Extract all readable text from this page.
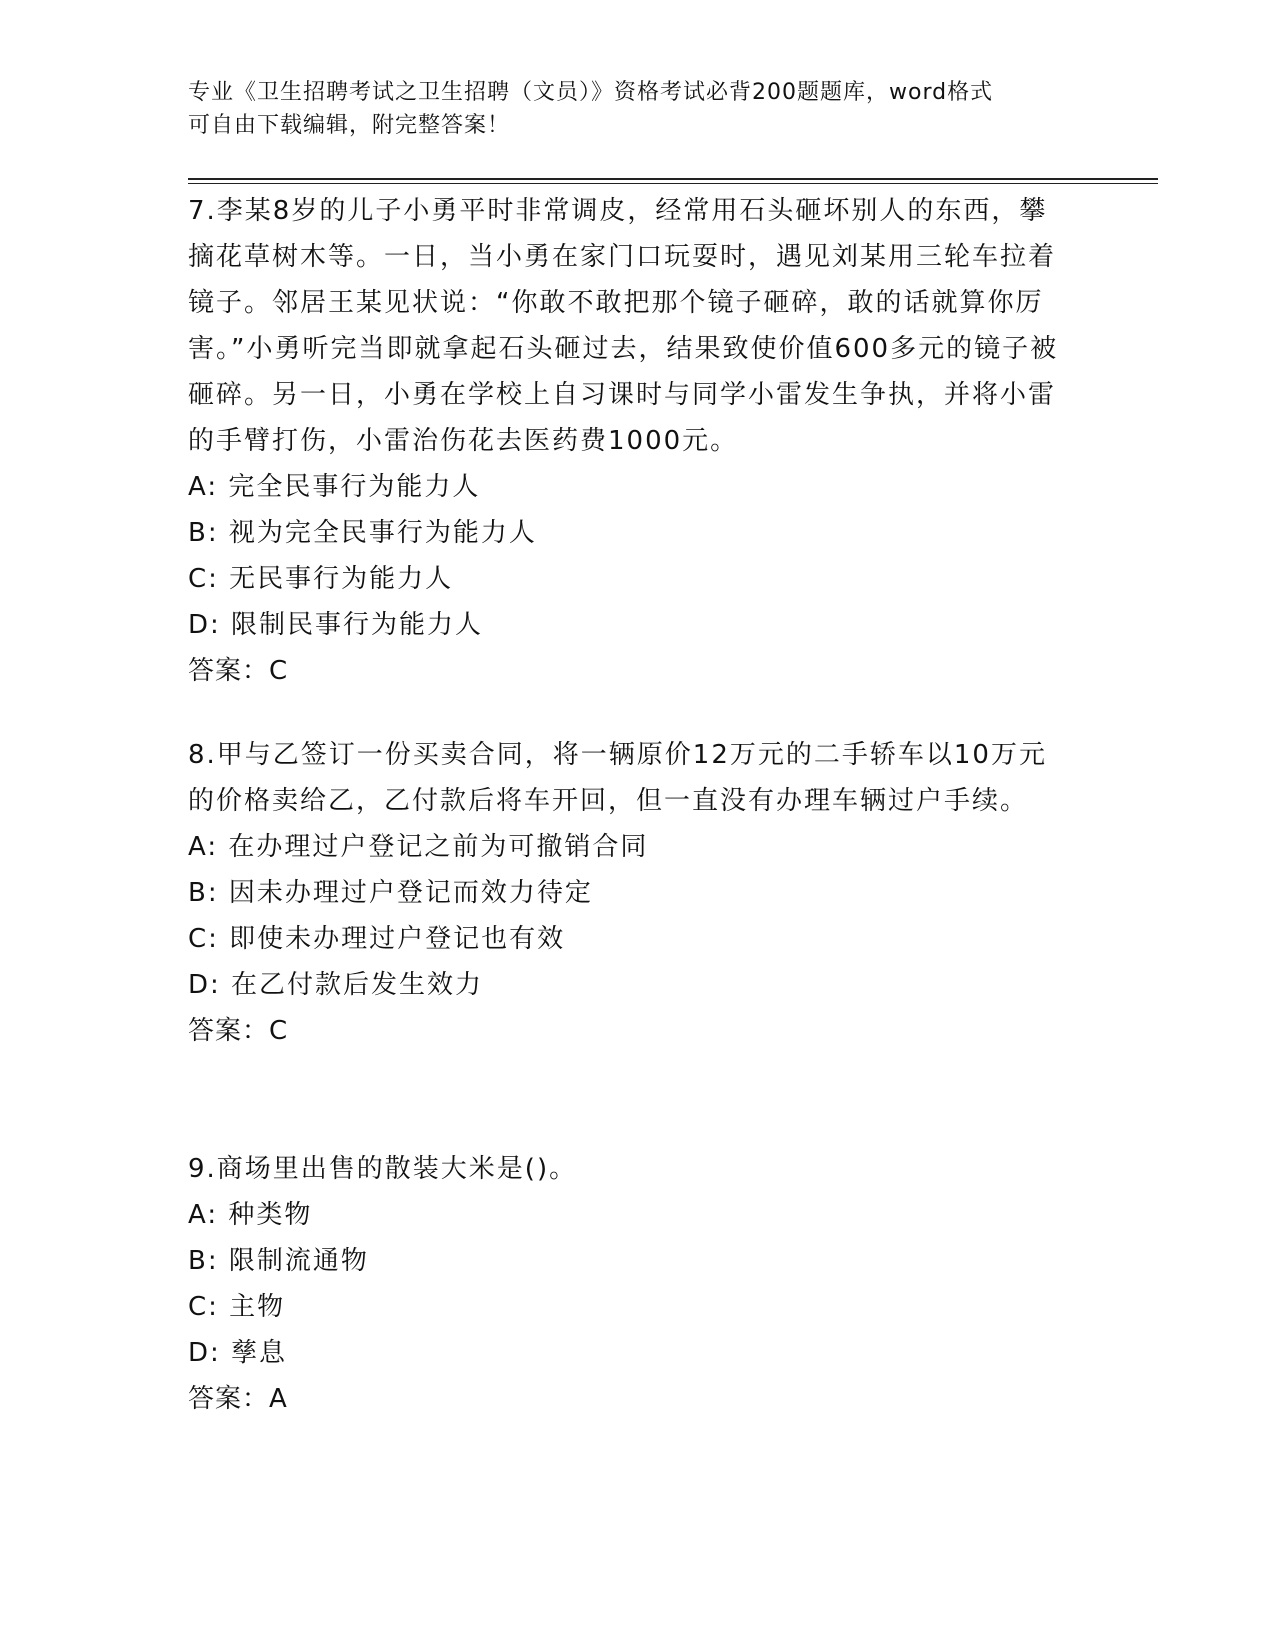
专业《卫生招聘考试之卫生招聘（文员）》资格考试必背200题题库，word格式
可自由下载编辑，附完整答案！

7.李某8岁的儿子小勇平时非常调皮，经常用石头砸坏别人的东西，攀摘花草树木等。一日，当小勇在家门口玩耍时，遇见刘某用三轮车拉着镜子。邻居王某见状说：“你敢不敢把那个镜子砸碎，敢的话就算你厉害。”小勇听完当即就拿起石头砸过去，结果致使价值600多元的镜子被砸碎。另一日，小勇在学校上自习课时与同学小雷发生争执，并将小雷的手臂打伤，小雷治伤花去医药费1000元。

A: 完全民事行为能力人
B: 视为完全民事行为能力人
C: 无民事行为能力人
D: 限制民事行为能力人
答案：C

8.甲与乙签订一份买卖合同，将一辆原价12万元的二手轿车以10万元的价格卖给乙，乙付款后将车开回，但一直没有办理车辆过户手续。

A: 在办理过户登记之前为可撤销合同
B: 因未办理过户登记而效力待定
C: 即使未办理过户登记也有效
D: 在乙付款后发生效力
答案：C

9.商场里出售的散装大米是()。

A: 种类物
B: 限制流通物
C: 主物
D: 孳息
答案：A
